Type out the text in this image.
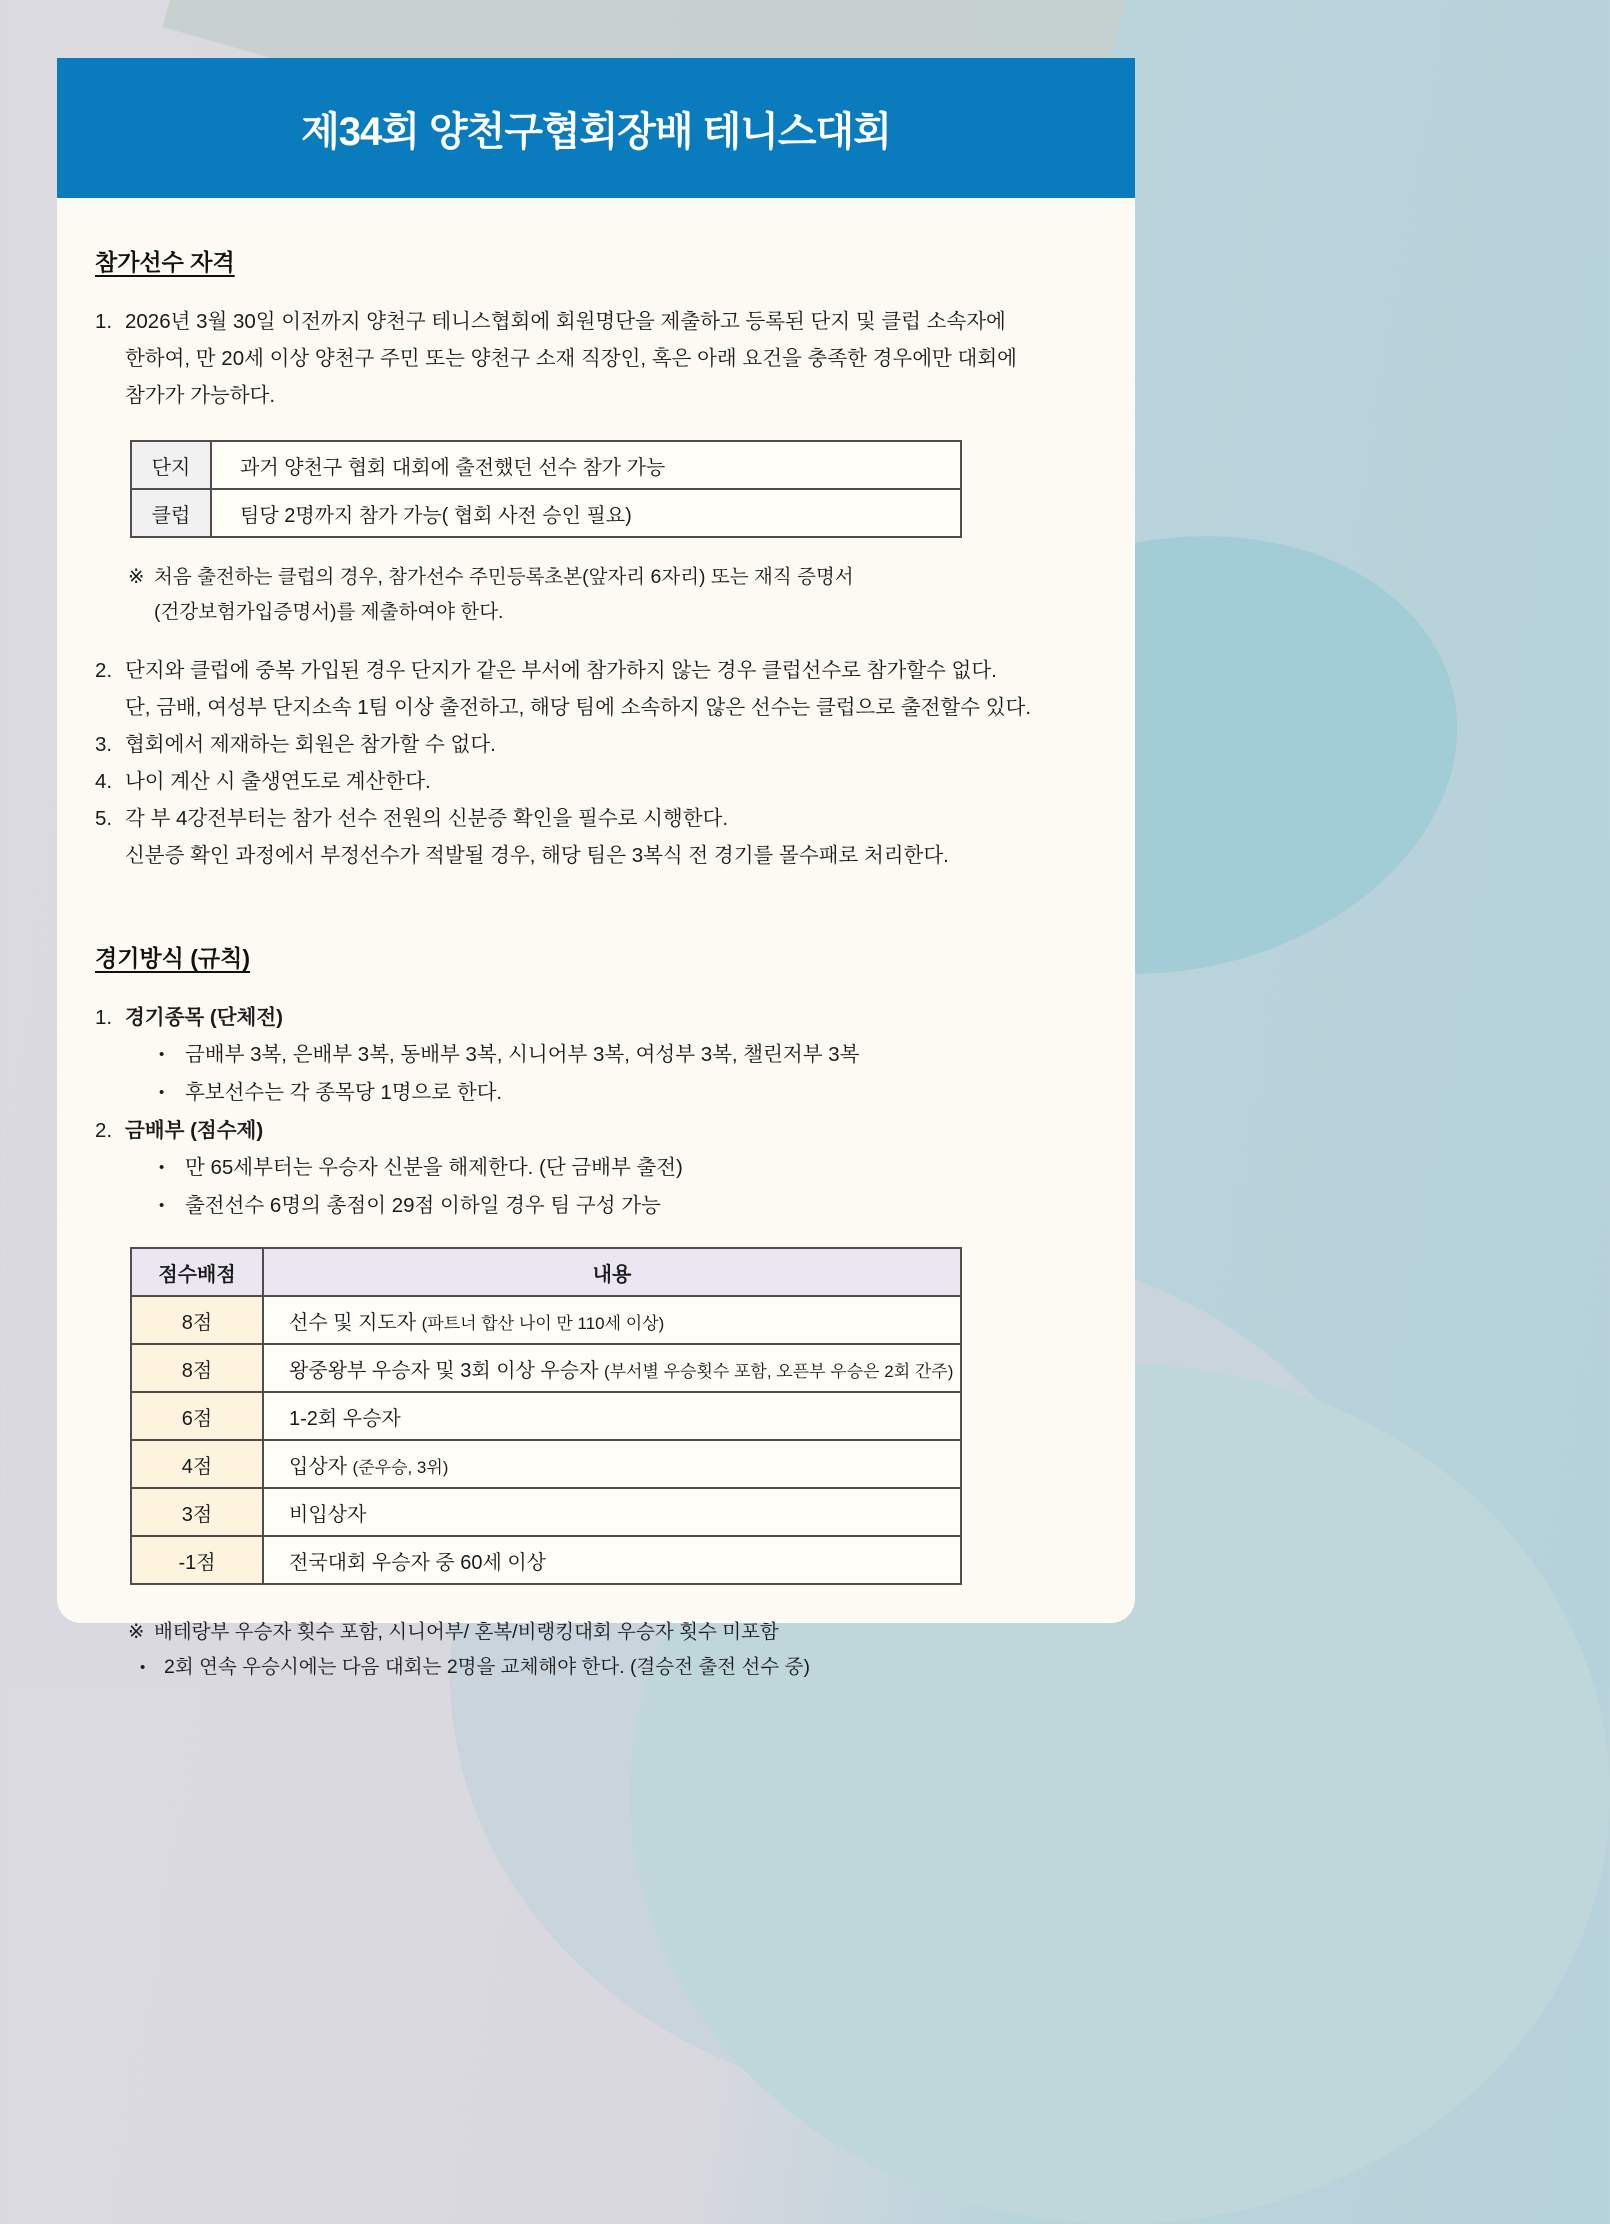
제34회 양천구협회장배 테니스대회
참가선수 자격
1. 2026년 3월 30일 이전까지 양천구 테니스협회에 회원명단을 제출하고 등록된 단지 및 클럽 소속자에
한하여, 만 20세 이상 양천구 주민 또는 양천구 소재 직장인, 혹은 아래 요건을 충족한 경우에만 대회에
참가가 가능하다.
단지	과거 양천구 협회 대회에 출전했던 선수 참가 가능
클럽	팀당 2명까지 참가 가능( 협회 사전 승인 필요)
※ 처음 출전하는 클럽의 경우, 참가선수 주민등록초본(앞자리 6자리) 또는 재직 증명서
(건강보험가입증명서)를 제출하여야 한다.
2. 단지와 클럽에 중복 가입된 경우 단지가 같은 부서에 참가하지 않는 경우 클럽선수로 참가할수 없다.
단, 금배, 여성부 단지소속 1팀 이상 출전하고, 해당 팀에 소속하지 않은 선수는 클럽으로 출전할수 있다.
3. 협회에서 제재하는 회원은 참가할 수 없다.
4. 나이 계산 시 출생연도로 계산한다.
5. 각 부 4강전부터는 참가 선수 전원의 신분증 확인을 필수로 시행한다.
신분증 확인 과정에서 부정선수가 적발될 경우, 해당 팀은 3복식 전 경기를 몰수패로 처리한다.
경기방식 (규칙)
1. 경기종목 (단체전)
•	금배부 3복, 은배부 3복, 동배부 3복, 시니어부 3복, 여성부 3복, 챌린저부 3복
•	후보선수는 각 종목당 1명으로 한다.
2. 금배부 (점수제)
•	만 65세부터는 우승자 신분을 해제한다. (단 금배부 출전)
•	출전선수 6명의 총점이 29점 이하일 경우 팀 구성 가능
점수배점	내용
8점	선수 및 지도자 (파트너 합산 나이 만 110세 이상)
8점	왕중왕부 우승자 및 3회 이상 우승자 (부서별 우승횟수 포함, 오픈부 우승은 2회 간주)
6점	1-2회 우승자
4점	입상자 (준우승, 3위)
3점	비입상자
-1점	전국대회 우승자 중 60세 이상
※ 배테랑부 우승자 횟수 포함, 시니어부/ 혼복/비랭킹대회 우승자 횟수 미포함
• 2회 연속 우승시에는 다음 대회는 2명을 교체해야 한다. (결승전 출전 선수 중)
